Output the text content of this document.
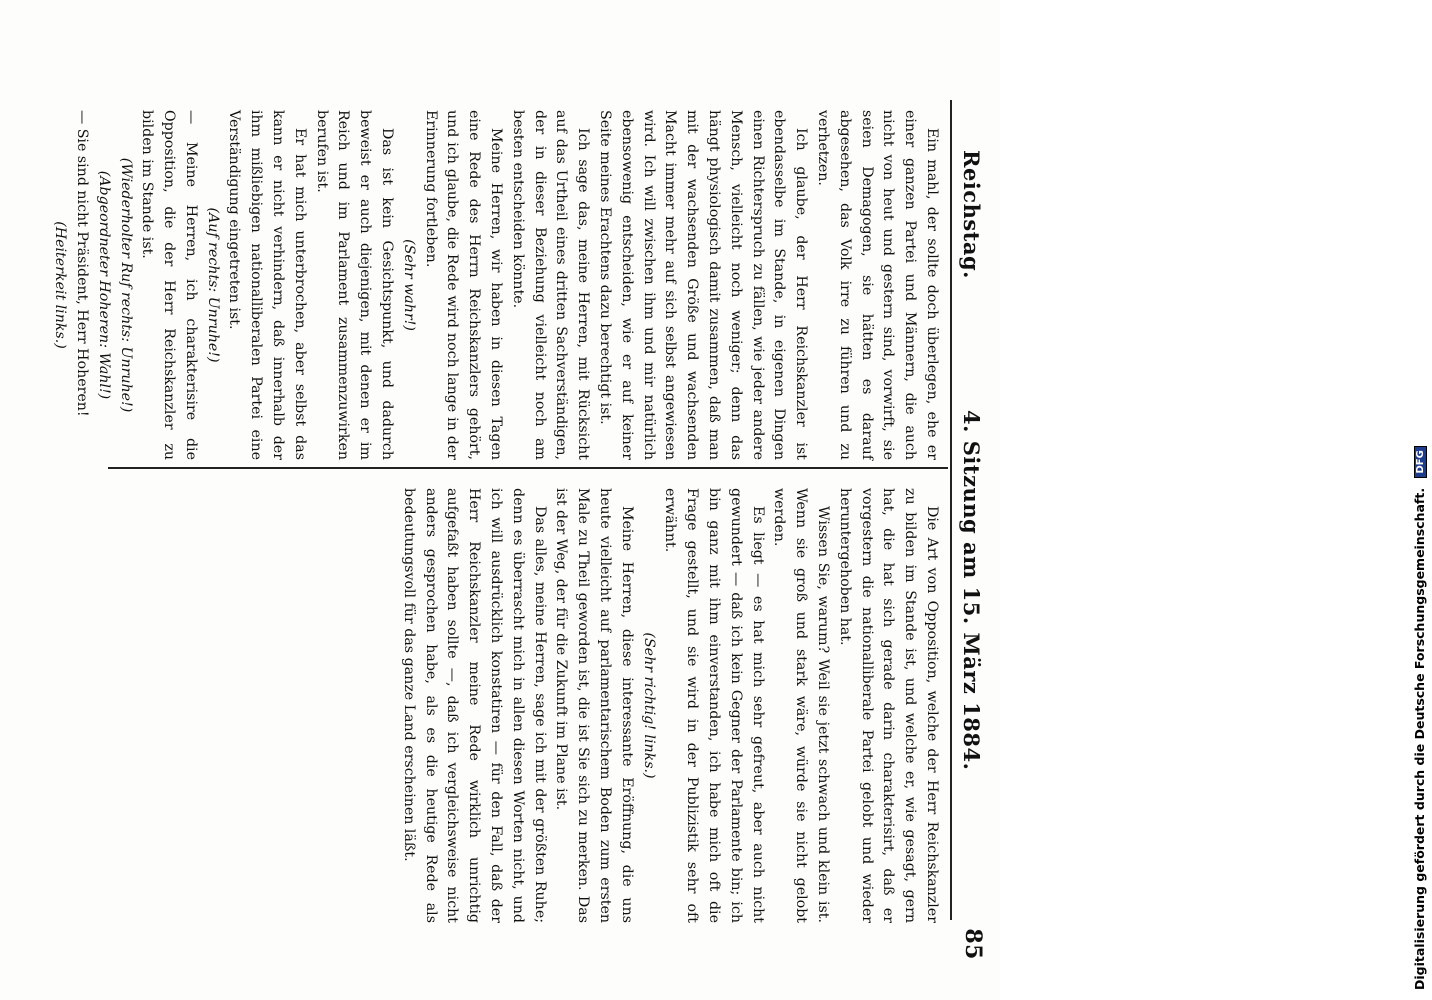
Reichstag.
4. Sitzung am 15. März 1884.
85

Ein mahl, der sollte doch überlegen, ehe er einer ganzen Partei und Männern, die auch nicht von heut und gestern sind, vorwirft, sie seien Demagogen, sie hätten es darauf abgesehen, das Volk irre zu führen und zu verhetzen.

Ich glaube, der Herr Reichskanzler ist ebendasselbe im Stande, in eigenen Dingen einen Richterspruch zu fällen, wie jeder andere Mensch, vielleicht noch weniger; denn das hängt physiologisch damit zusammen, daß man mit der wachsenden Größe und wachsenden Macht immer mehr auf sich selbst angewiesen wird. Ich will zwischen ihm und mir natürlich ebensowenig entscheiden, wie er auf keiner Seite meines Erachtens dazu berechtigt ist.

Ich sage das, meine Herren, mit Rücksicht auf das Urtheil eines dritten Sachverständigen, der in dieser Beziehung vielleicht noch am besten entscheiden könnte.

Meine Herren, wir haben in diesen Tagen eine Rede des Herrn Reichskanzlers gehört, und ich glaube, die Rede wird noch lange in der Erinnerung fortleben.

(Sehr wahr!)

Das ist kein Gesichtspunkt, und dadurch beweist er auch diejenigen, mit denen er im Reich und im Parlament zusammenzuwirken berufen ist.

Er hat mich unterbrochen, aber selbst das kann er nicht verhindern, daß innerhalb der ihm mißliebigen nationalliberalen Partei eine Verständigung eingetreten ist.

(Auf rechts: Unruhe!)

— Meine Herren, ich charakterisire die Opposition, die der Herr Reichskanzler zu bilden im Stande ist.

(Wiederholter Ruf rechts: Unruhe!)

(Abgeordneter Hoheren: Wahl!)

— Sie sind nicht Präsident, Herr Hoheren!

(Heiterkeit links.)

Die Art von Opposition, welche der Herr Reichskanzler zu bilden im Stande ist, und welche er, wie gesagt, gern hat, die hat sich gerade darin charakterisirt, daß er vorgestern die nationalliberale Partei gelobt und wieder heruntergehoben hat.

Wissen Sie, warum? Weil sie jetzt schwach und klein ist. Wenn sie groß und stark wäre, würde sie nicht gelobt werden.

Es liegt — es hat mich sehr gefreut, aber auch nicht gewundert — daß ich kein Gegner der Parlamente bin; ich bin ganz mit ihm einverstanden, ich habe mich oft die Frage gestellt, und sie wird in der Publizistik sehr oft erwähnt.

(Sehr richtig! links.)

Meine Herren, diese interessante Eröffnung, die uns heute vielleicht auf parlamentarischem Boden zum ersten Male zu Theil geworden ist, die ist Sie sich zu merken. Das ist der Weg, der für die Zukunft im Plane ist.

Das alles, meine Herren, sage ich mit der größten Ruhe; denn es überrascht mich in allen diesen Worten nicht, und ich will ausdrücklich konstatiren — für den Fall, daß der Herr Reichskanzler meine Rede wirklich unrichtig aufgefaßt haben sollte —, daß ich vergleichsweise nicht anders gesprochen habe, als es die heutige Rede als bedeutungsvoll für das ganze Land erscheinen läßt.	Digitalisierung gefördert durch die Deutsche Forschungsgemeinschaft. DFG
